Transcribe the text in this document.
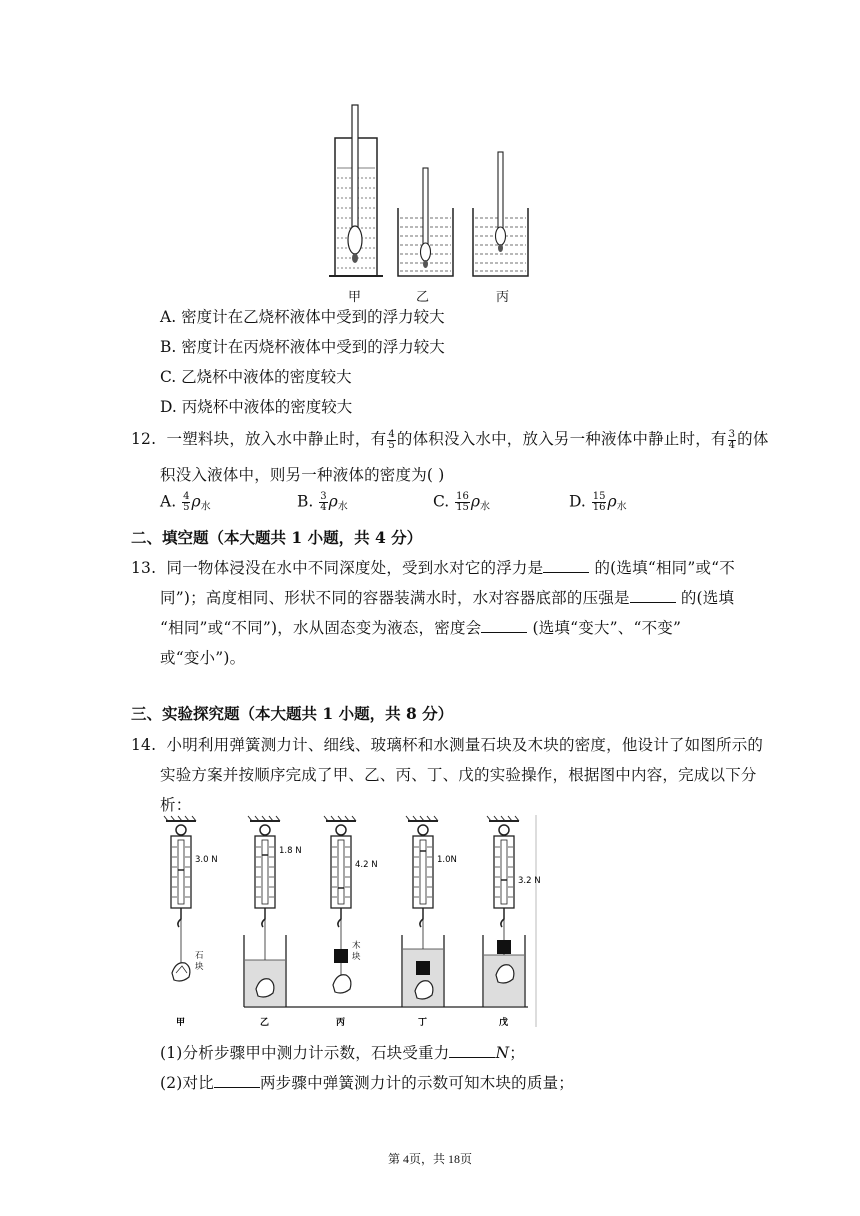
甲	乙	丙
A. 密度计在乙烧杯液体中受到的浮力较大
B. 密度计在丙烧杯液体中受到的浮力较大
C. 乙烧杯中液体的密度较大
D. 丙烧杯中液体的密度较大
12. 一塑料块，放入水中静止时，有 $\frac{4}{5}$ 的体积没入水中，放入另一种液体中静止时，有 $\frac{3}{4}$ 的体
积没入液体中，则另一种液体的密度为( )
A. $\frac{4}{5} \rho_水$	B. $\frac{3}{4} \rho_水$	C. $\frac{16}{15} \rho_水$	D. $\frac{15}{16} \rho_水$
二、填空题（本大题共 1 小题，共 4 分）
13. 同一物体浸没在水中不同深度处，受到水对它的浮力是	的(选填“相同”或“不
同”)；高度相同、形状不同的容器装满水时，水对容器底部的压强是	的(选填
“相同”或“不同”)，水从固态变为液态，密度会	(选填“变大”、“不变”
或“变小”)。
三、实验探究题（本大题共 1 小题，共 8 分）
14. 小明利用弹簧测力计、细线、玻璃杯和水测量石块及木块的密度，他设计了如图所示的
实验方案并按顺序完成了甲、乙、丙、丁、戊的实验操作，根据图中内容，完成以下分
析：
3.0 N
1.8 N
4.2 N	1.0N
3.2 N
石块
木块
甲	乙	丙	丁	戊
(1)分析步骤甲中测力计示数，石块受重力	N；
(2)对比	两步骤中弹簧测力计的示数可知木块的质量；
第 4页，共 18页
